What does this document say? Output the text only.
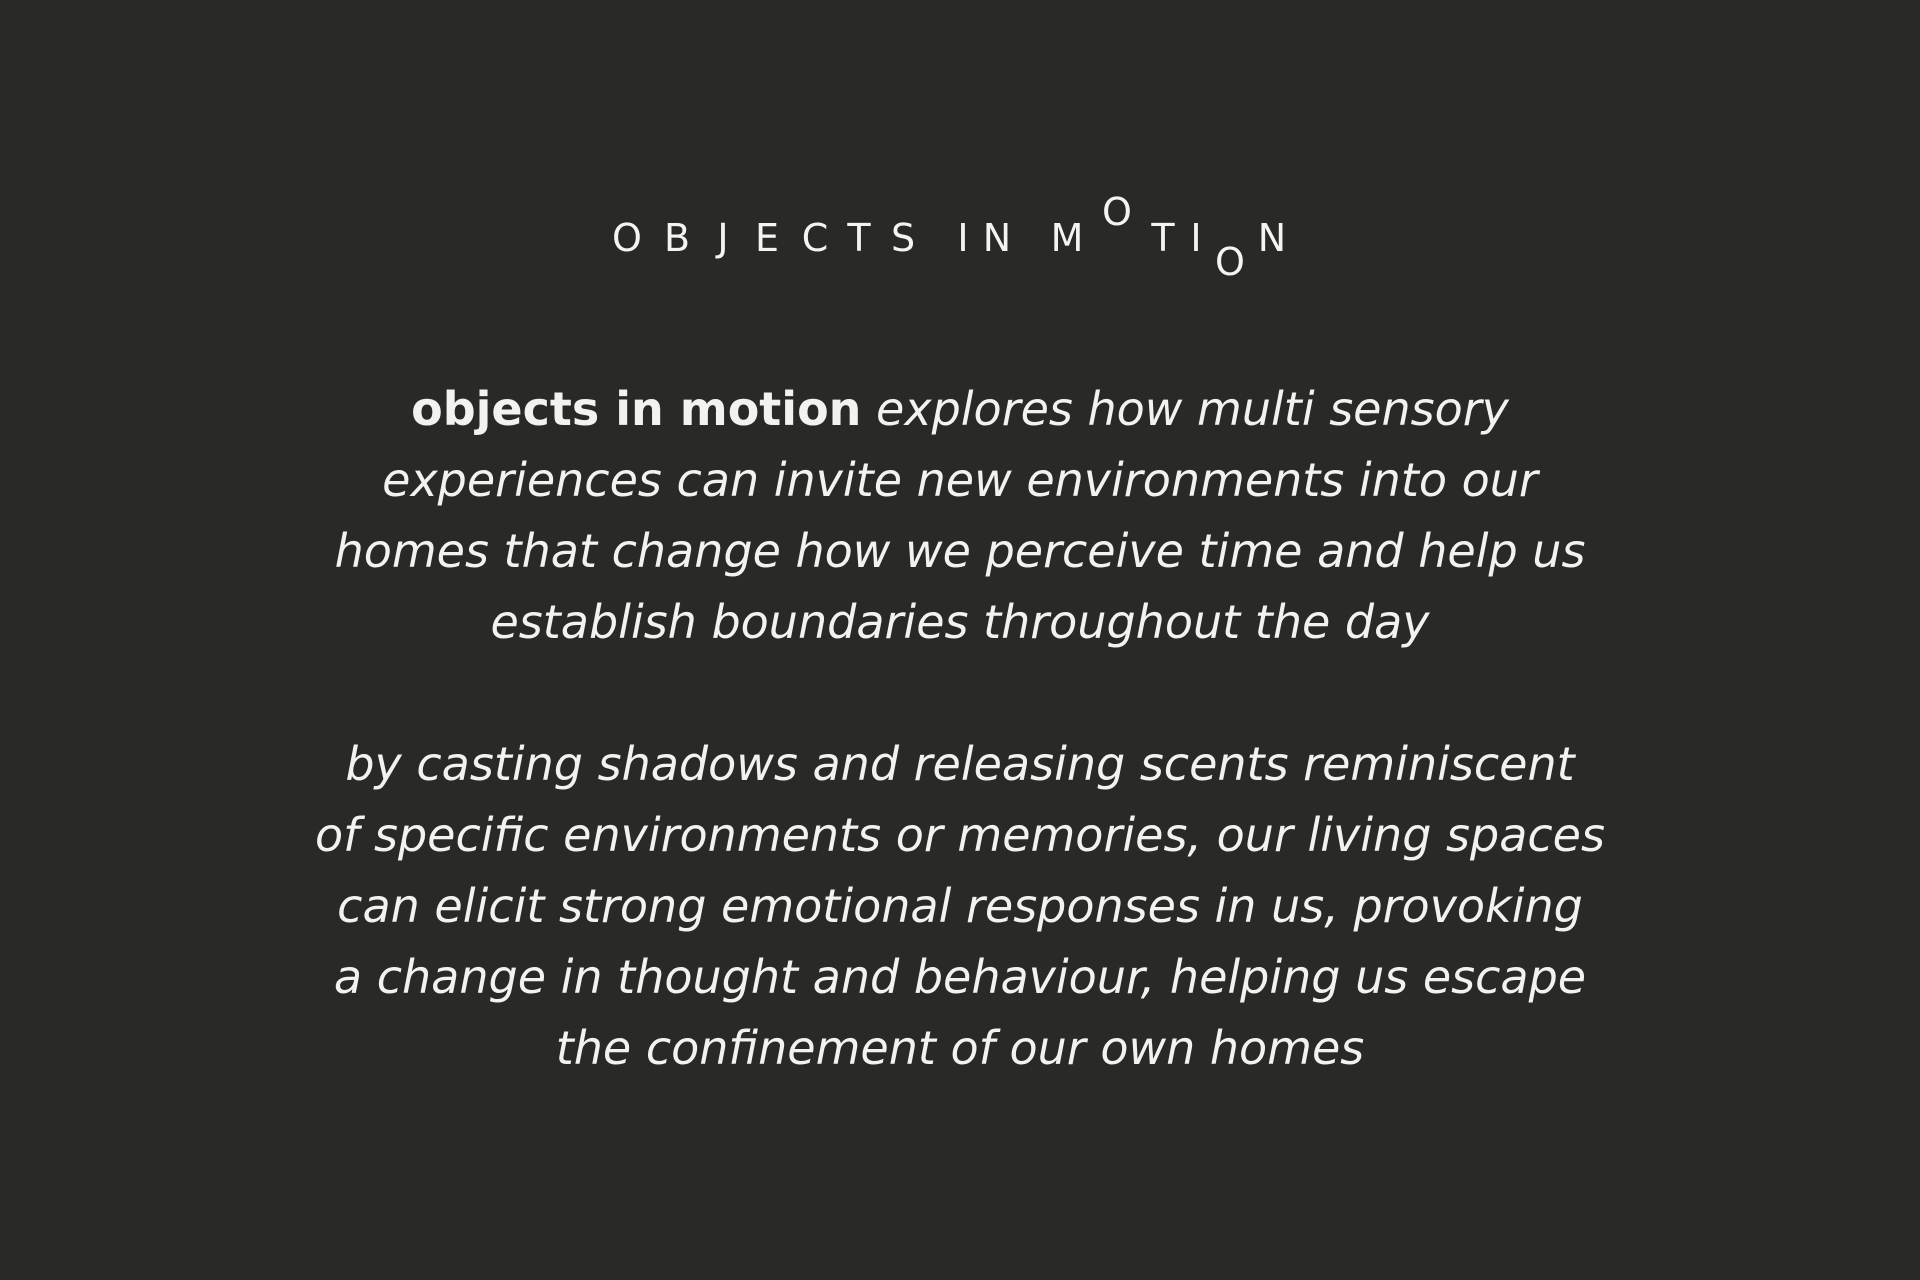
O B J E C T S	I N M
O
T I
O
N

objects in motion explores how multi sensory
experiences can invite new environments into our
homes that change how we perceive time and help us
establish boundaries throughout the day

by casting shadows and releasing scents reminiscent
of specific environments or memories, our living spaces
can elicit strong emotional responses in us, provoking
a change in thought and behaviour, helping us escape
the confinement of our own homes
